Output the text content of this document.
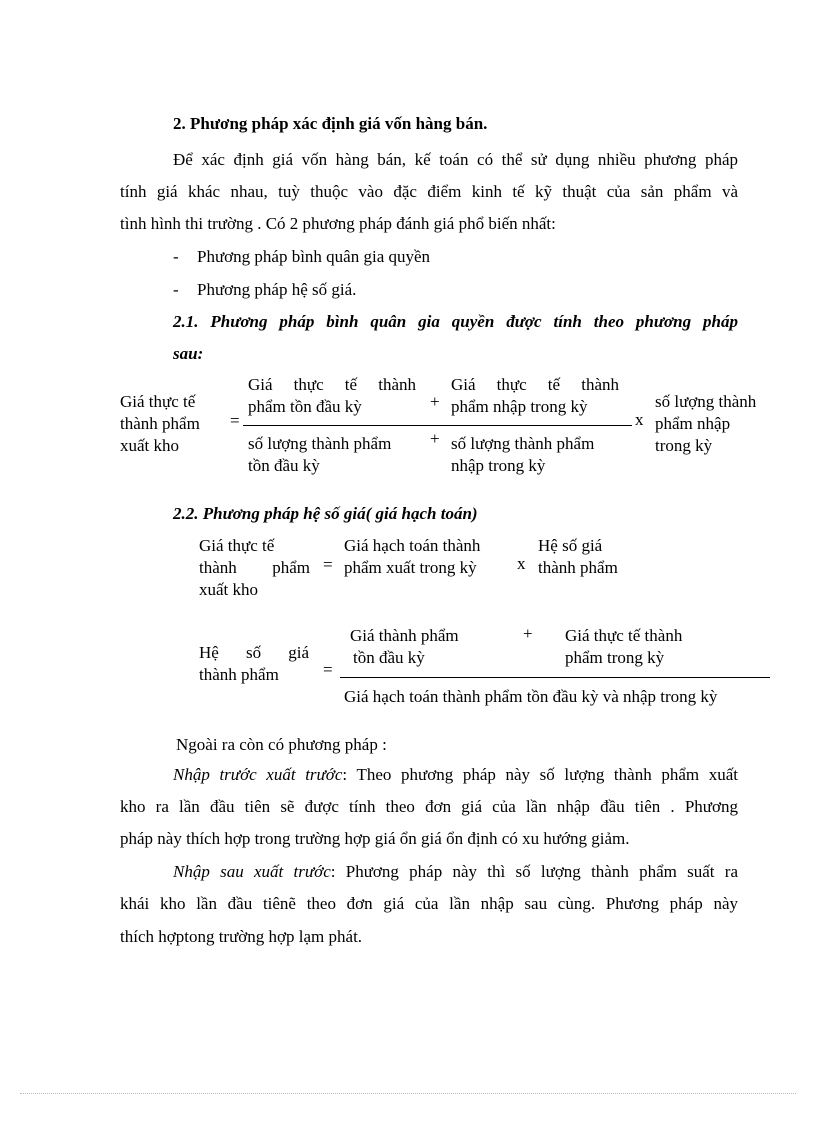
2. Phương pháp xác định giá vốn hàng bán.
Để xác định giá vốn hàng bán, kế toán có thể sử dụng nhiều phương pháp
tính giá khác nhau, tuỳ thuộc vào đặc điểm kinh tế kỹ thuật của sản phẩm và
tình hình thi trường . Có 2 phương pháp đánh giá phổ biến nhất:
- Phương pháp bình quân gia quyền
- Phương pháp hệ số giá.
2.1. Phương pháp bình quân gia quyền được tính theo phương pháp
sau:
Giá thực tế
thành phẩm
xuất kho
=
Giá thực tế thành
phẩm tồn đầu kỳ	+
Giá thực tế thành
phẩm nhập trong kỳ
số lượng thành phẩm
tồn đầu kỳ
+ số lượng thành phẩm
nhập trong kỳ
x
số lượng thành
phẩm nhập
trong kỳ
2.2. Phương pháp hệ số giá( giá hạch toán)
Giá thực tế
thành phẩm
xuất kho
=
Giá hạch toán thành
phẩm xuất trong kỳ x
Hệ số giá
thành phẩm
Hệ số giá
thành phẩm	=
Giá thành phẩm
tồn đầu kỳ
+ Giá thực tế thành
phẩm trong kỳ
Giá hạch toán thành phẩm tồn đầu kỳ và nhập trong kỳ
Ngoài ra còn có phương pháp :
Nhập trước xuất trước: Theo phương pháp này số lượng thành phẩm xuất
kho ra lần đầu tiên sẽ được tính theo đơn giá của lần nhập đầu tiên . Phương
pháp này thích hợp trong trường hợp giá ổn giá ổn định có xu hướng giảm.
Nhập sau xuất trước: Phương pháp này thì số lượng thành phẩm suất ra
khái kho lần đầu tiênẽ theo đơn giá của lần nhập sau cùng. Phương pháp này
thích hợptong trường hợp lạm phát.
